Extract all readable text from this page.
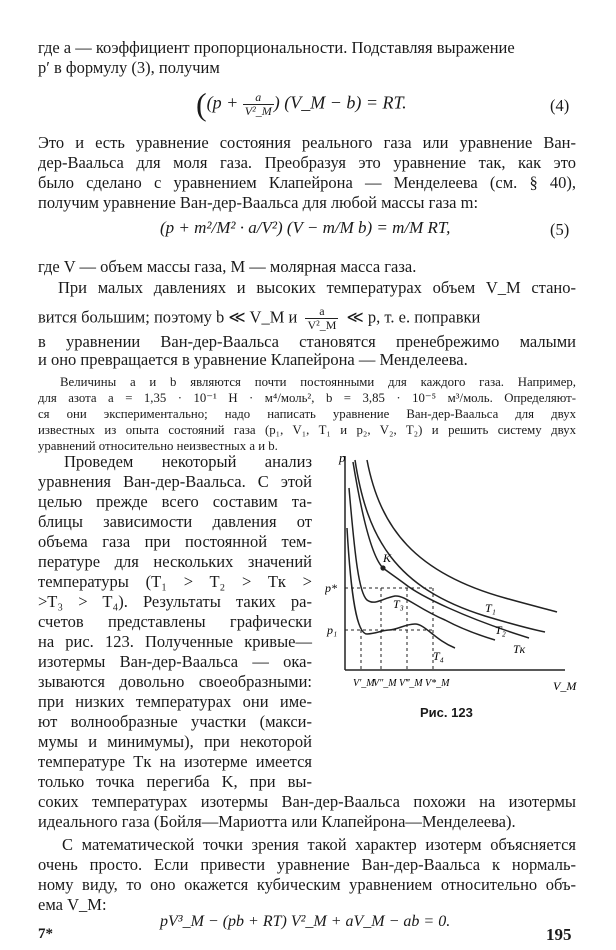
где a — коэффициент пропорциональности. Подставляя выражение
p′ в формулу (3), получим
(($p + \frac{a}{\text{V²\_M}}$ ) (V_M − b) = RT.	(4)
Это и есть уравнение состояния реального газа или уравнение Ван-
дер-Ваальса для моля газа. Преобразуя это уравнение так, как это
было сделано с уравнением Клапейрона — Менделеева (см. § 40),
получим уравнение Ван-дер-Ваальса для любой массы газа m:
(p + m²/M² · a/V²) (V − m/M b) = m/M RT,	(5)
где V — объем массы газа, M — молярная масса газа.
При малых давлениях и высоких температурах объем V_M стано-
вится большим; поэтому b ≪ V_M и $\frac{a}{\text{V²\_M}}$ ≪ p, т. е. поправки
в уравнении Ван-дер-Ваальса становятся пренебрежимо малыми
и оно превращается в уравнение Клапейрона — Менделеева.
Величины a и b являются почти постоянными для каждого газа. Например,
для азота a = 1,35 · 10⁻¹ Н · м⁴/моль², b = 3,85 · 10⁻⁵ м³/моль. Определяют-
ся они экспериментально; надо написать уравнение Ван-дер-Ваальса для двух
известных из опыта состояний газа (p₁, V₁, T₁ и p₂, V₂, T₂) и решить систему двух
уравнений относительно неизвестных a и b.
Проведем некоторый анализ
уравнения Ван-дер-Ваальса. С этой
целью прежде всего составим та-
блицы зависимости давления от
объема газа при постоянной тем-
пературе для нескольких значений
температуры (T₁ > T₂ > Tк >
>T₃ > T₄). Результаты таких ра-
счетов представлены графически
на рис. 123. Полученные кривые—
изотермы Ван-дер-Ваальса — ока-
зываются довольно своеобразными:
при низких температурах они име-
ют волнообразные участки (макси-
мумы и минимумы), при некоторой
температуре Tк на изотерме имеется
только точка перегиба K, при вы-
соких температурах изотермы Ван-дер-Ваальса похожи на изотермы
идеального газа (Бойля—Мариотта или Клапейрона—Менделеева).
С математической точки зрения такой характер изотерм объясняется
очень просто. Если привести уравнение Ван-дер-Ваальса к нормаль-
ному виду, то оно окажется кубическим уравнением относительно объ-
ема V_M:
pV³_M − (pb + RT) V²_M + aV_M − ab = 0.
7*	195
p
V_M
K
p*
p₁
T₁
T₂
Tк
T₃
T₄
V′_M
V″_M V‴_M V*_M
Рис. 123
